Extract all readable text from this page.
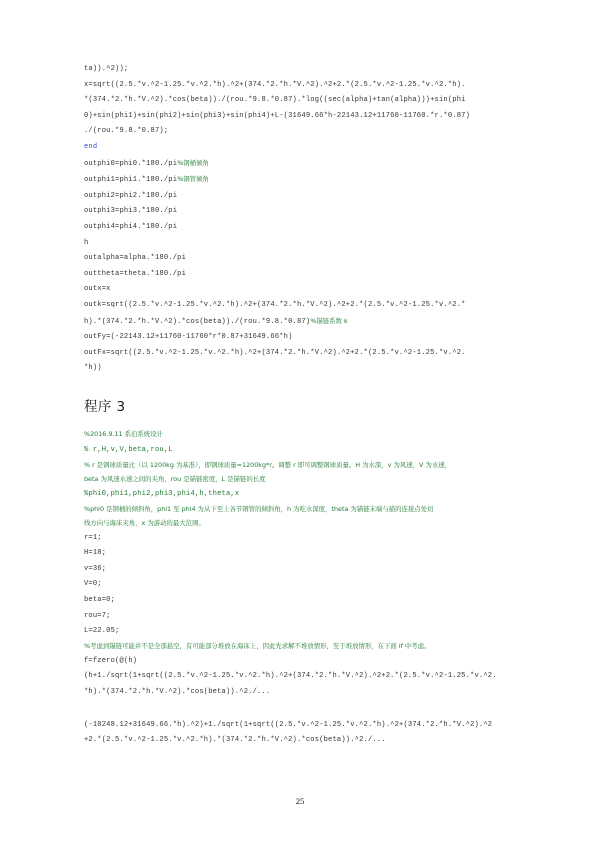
ta)).^2));
x=sqrt((2.5.*v.^2-1.25.*v.^2.*h).^2+(374.*2.*h.*V.^2).^2+2.*(2.5.*v.^2-1.25.*v.^2.*h).
*(374.*2.*h.*V.^2).*cos(beta))./(rou.*9.8.*0.87).*log((sec(alpha)+tan(alpha)))+sin(phi
0)+sin(phi1)+sin(phi2)+sin(phi3)+sin(phi4)+L-(31649.66*h-22143.12+11760-11760.*r.*0.87)
./(rou.*9.8.*0.87);
end
outphi0=phi0.*180./pi%钢桶倾角
outphi1=phi1.*180./pi%钢管倾角
outphi2=phi2.*180./pi
outphi3=phi3.*180./pi
outphi4=phi4.*180./pi
h
outalpha=alpha.*180./pi
outtheta=theta.*180./pi
outx=x
outk=sqrt((2.5.*v.^2-1.25.*v.^2.*h).^2+(374.*2.*h.*V.^2).^2+2.*(2.5.*v.^2-1.25.*v.^2.*
h).*(374.*2.*h.*V.^2).*cos(beta))./(rou.*9.8.*0.87)%锚链系数 k
outFy=(-22143.12+11760-11760*r*0.87+31649.66*h)
outFx=sqrt((2.5.*v.^2-1.25.*v.^2.*h).^2+(374.*2.*h.*V.^2).^2+2.*(2.5.*v.^2-1.25.*v.^2.
*h))
程序 3
%2016.9.11 系泊系统设计
% r,H,v,V,beta,rou,L
% r 是钢球质量比（以 1200kg 为基准），即钢球质量=1200kg*r。调整 r 即可调整钢球质量。H 为水深，v 为风速，V 为水速，
beta 为风速水速之间的夹角，rou 是锚链密度，L 是锚链的长度
%phi0,phi1,phi2,phi3,phi4,h,theta,x
%phi0 是钢桶的倾斜角，phi1 至 phi4 为从下至上各节钢管的倾斜角，h 为吃水深度，theta 为锚链末端与描的连接点处切
线方向与海床夹角，x 为游动的最大范围。
r=1;
H=18;
v=36;
V=0;
beta=0;
rou=7;
L=22.05;
%考虑到锚链可能并不是全部悬空，有可能部分堆放在海床上，因此先求解不堆放情形，至于堆放情形，在下面 if 中考虑。
f=fzero(@(h)
(h+1./sqrt(1+sqrt((2.5.*v.^2-1.25.*v.^2.*h).^2+(374.*2.*h.*V.^2).^2+2.*(2.5.*v.^2-1.25.*v.^2.
*h).*(374.*2.*h.*V.^2).*cos(beta)).^2./...
(-10248.12+31649.66.*h).^2)+1./sqrt(1+sqrt((2.5.*v.^2-1.25.*v.^2.*h).^2+(374.*2.*h.*V.^2).^2
+2.*(2.5.*v.^2-1.25.*v.^2.*h).*(374.*2.*h.*V.^2).*cos(beta)).^2./...
25
